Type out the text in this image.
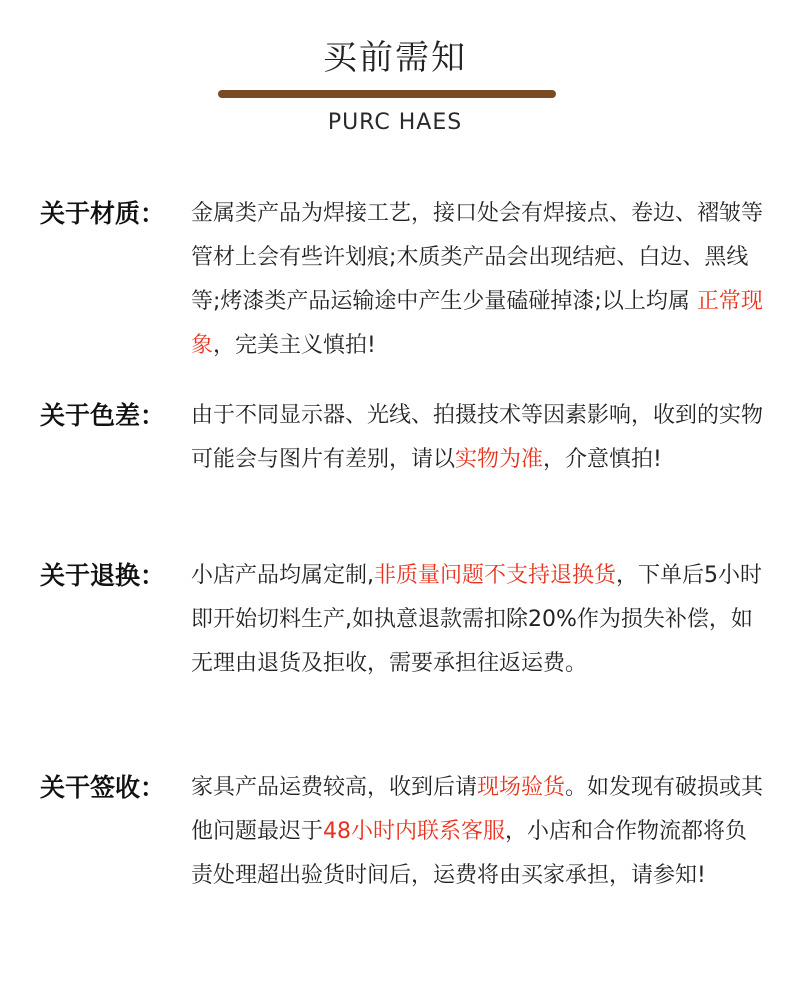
买前需知
PURC HAES
关于材质：	金属类产品为焊接工艺，接口处会有焊接点、卷边、褶皱等管材上会有些许划痕;木质类产品会出现结疤、白边、黑线等;烤漆类产品运输途中产生少量磕碰掉漆;以上均属 正常现象，完美主义慎拍!
关于色差：	由于不同显示器、光线、拍摄技术等因素影响，收到的实物可能会与图片有差别，请以实物为准，介意慎拍!
关于退换：	小店产品均属定制,非质量问题不支持退换货，下单后5小时即开始切料生产,如执意退款需扣除20%作为损失补偿，如无理由退货及拒收，需要承担往返运费。
关干签收：	家具产品运费较高，收到后请现场验货。如发现有破损或其他问题最迟于48小时内联系客服，小店和合作物流都将负责处理超出验货时间后，运费将由买家承担，请参知!
